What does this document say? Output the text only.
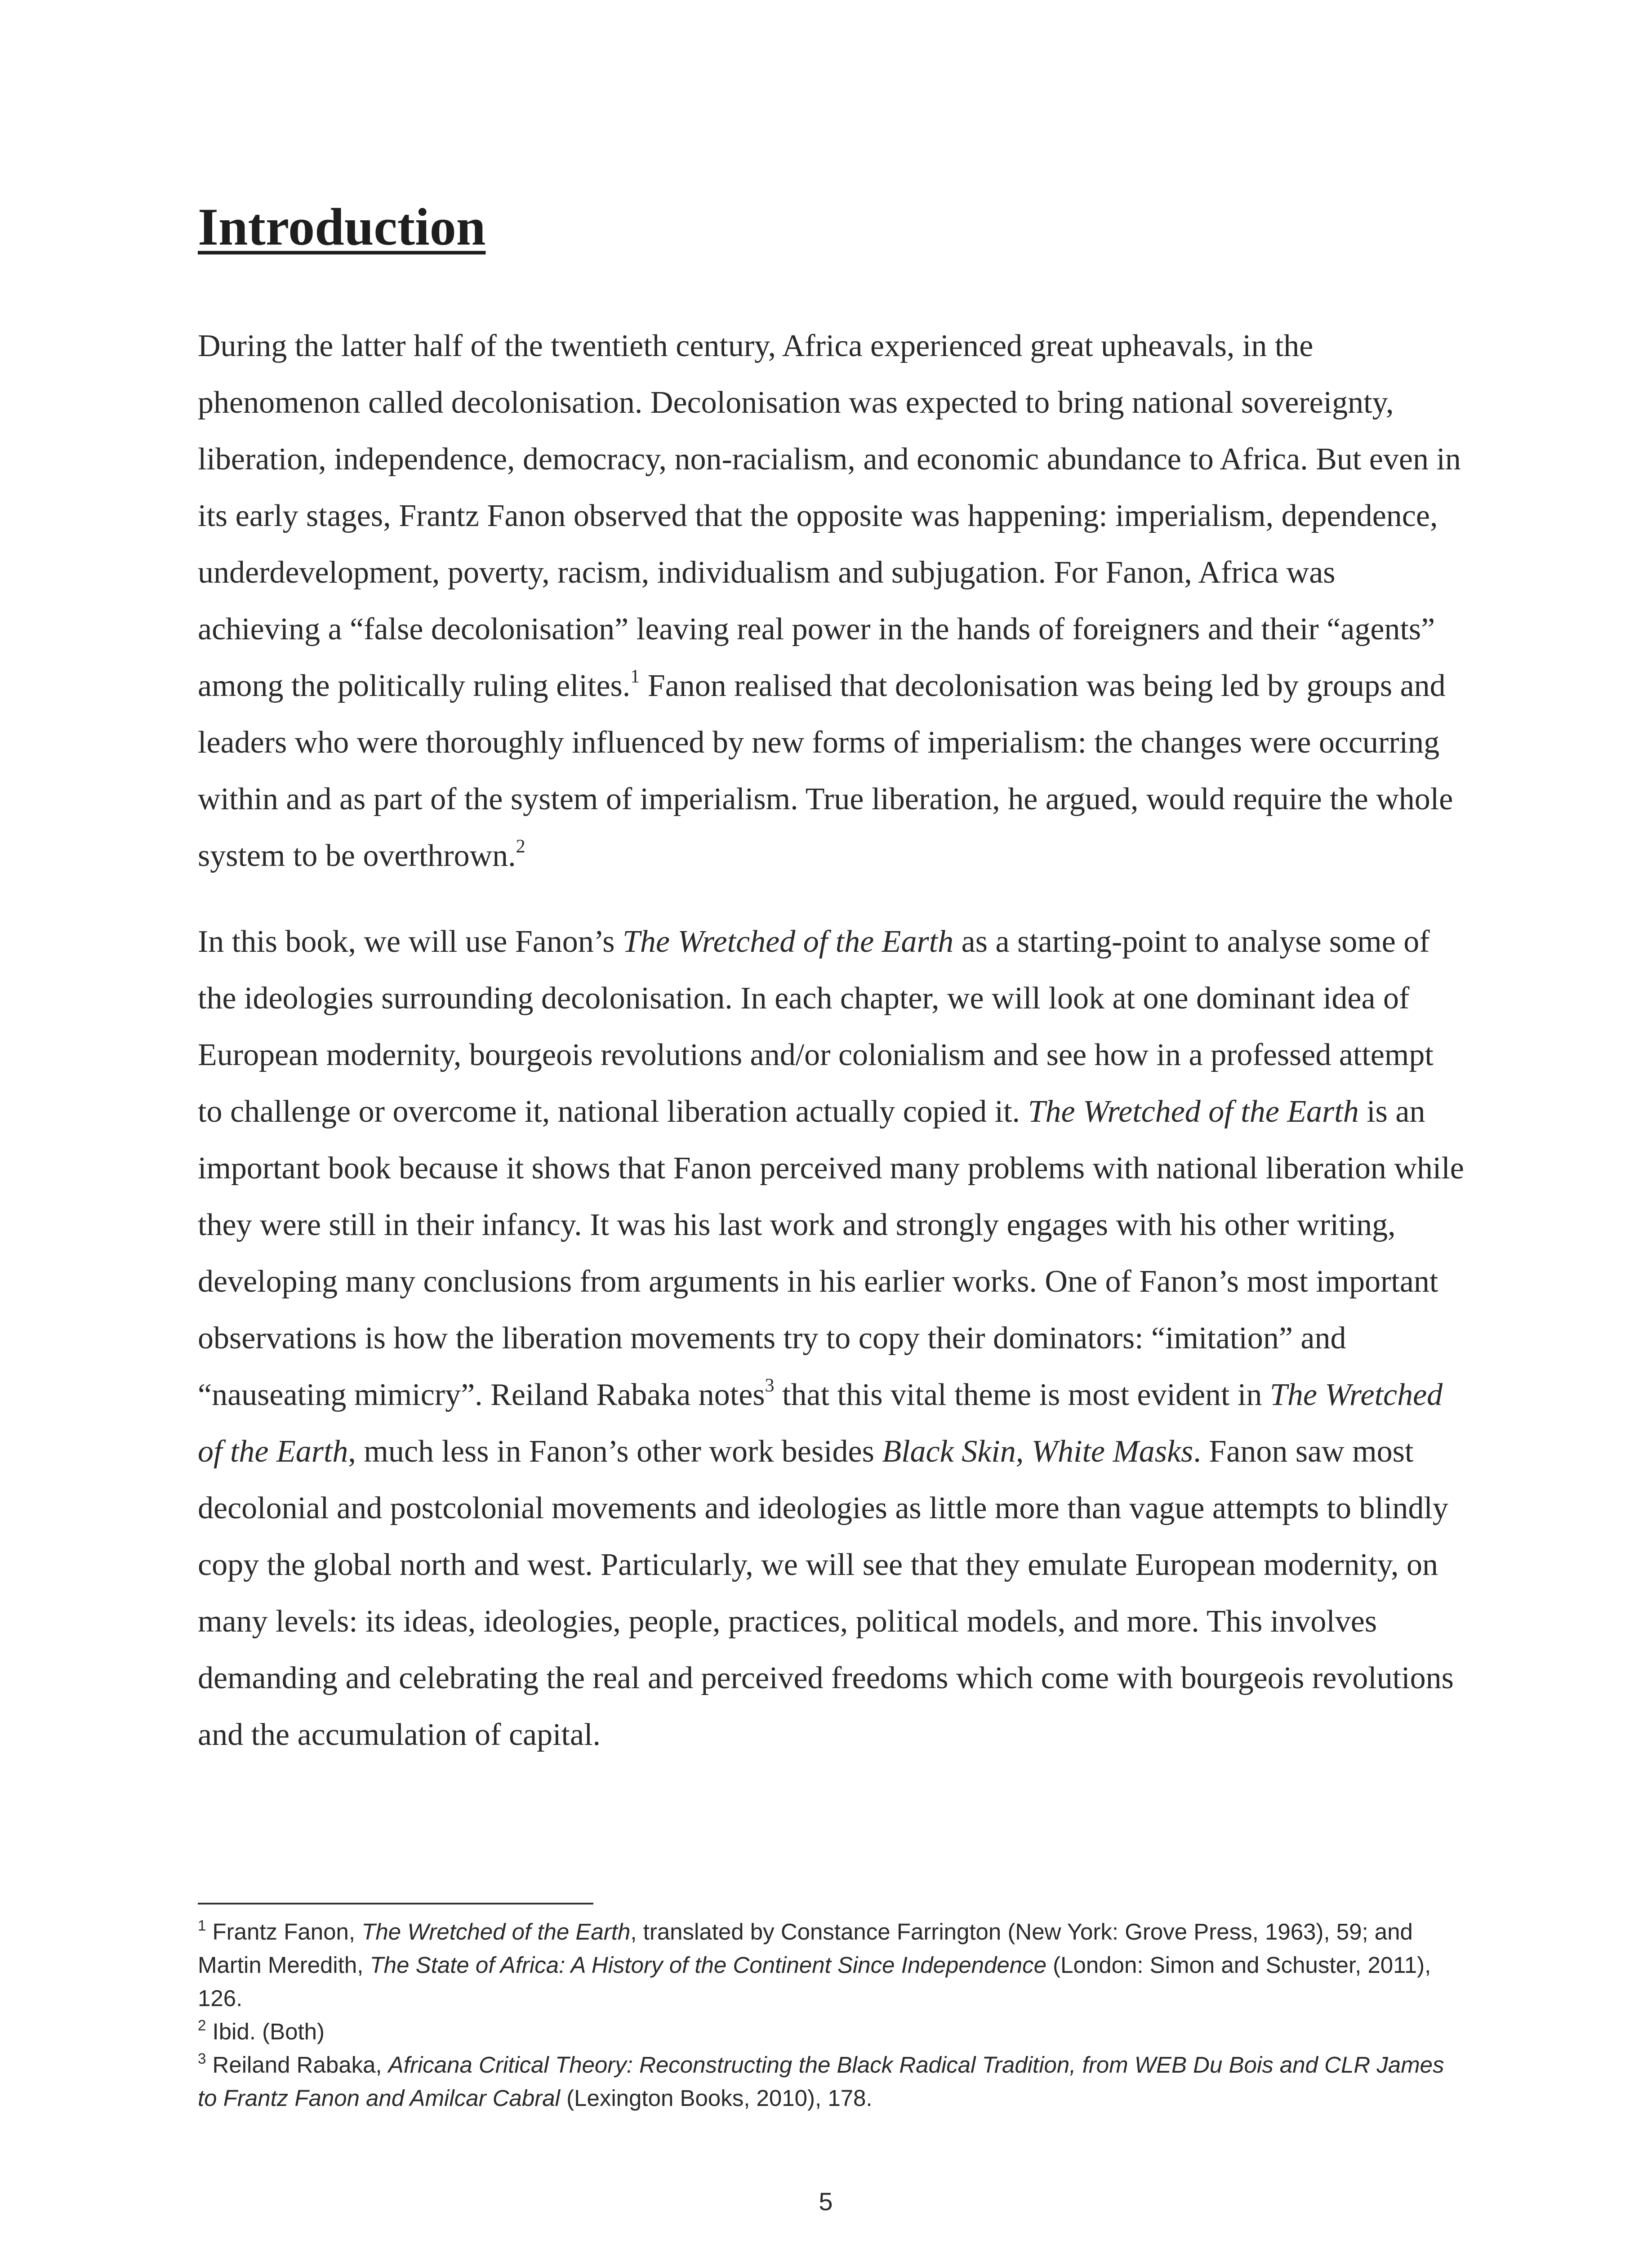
Introduction

During the latter half of the twentieth century, Africa experienced great upheavals, in the phenomenon called decolonisation. Decolonisation was expected to bring national sovereignty, liberation, independence, democracy, non-racialism, and economic abundance to Africa. But even in its early stages, Frantz Fanon observed that the opposite was happening: imperialism, dependence, underdevelopment, poverty, racism, individualism and subjugation. For Fanon, Africa was achieving a “false decolonisation” leaving real power in the hands of foreigners and their “agents” among the politically ruling elites.$^1$ Fanon realised that decolonisation was being led by groups and leaders who were thoroughly influenced by new forms of imperialism: the changes were occurring within and as part of the system of imperialism. True liberation, he argued, would require the whole system to be overthrown.$^2$

In this book, we will use Fanon’s The Wretched of the Earth as a starting-point to analyse some of the ideologies surrounding decolonisation. In each chapter, we will look at one dominant idea of European modernity, bourgeois revolutions and/or colonialism and see how in a professed attempt to challenge or overcome it, national liberation actually copied it. The Wretched of the Earth is an important book because it shows that Fanon perceived many problems with national liberation while they were still in their infancy. It was his last work and strongly engages with his other writing, developing many conclusions from arguments in his earlier works. One of Fanon’s most important observations is how the liberation movements try to copy their dominators: “imitation” and “nauseating mimicry”. Reiland Rabaka notes$^3$ that this vital theme is most evident in The Wretched of the Earth, much less in Fanon’s other work besides Black Skin, White Masks. Fanon saw most decolonial and postcolonial movements and ideologies as little more than vague attempts to blindly copy the global north and west. Particularly, we will see that they emulate European modernity, on many levels: its ideas, ideologies, people, practices, political models, and more. This involves demanding and celebrating the real and perceived freedoms which come with bourgeois revolutions and the accumulation of capital.

$^1$ Frantz Fanon, The Wretched of the Earth, translated by Constance Farrington (New York: Grove Press, 1963), 59; and Martin Meredith, The State of Africa: A History of the Continent Since Independence (London: Simon and Schuster, 2011), 126.

$^2$ Ibid. (Both)

$^3$ Reiland Rabaka, Africana Critical Theory: Reconstructing the Black Radical Tradition, from WEB Du Bois and CLR James to Frantz Fanon and Amilcar Cabral (Lexington Books, 2010), 178.

5
